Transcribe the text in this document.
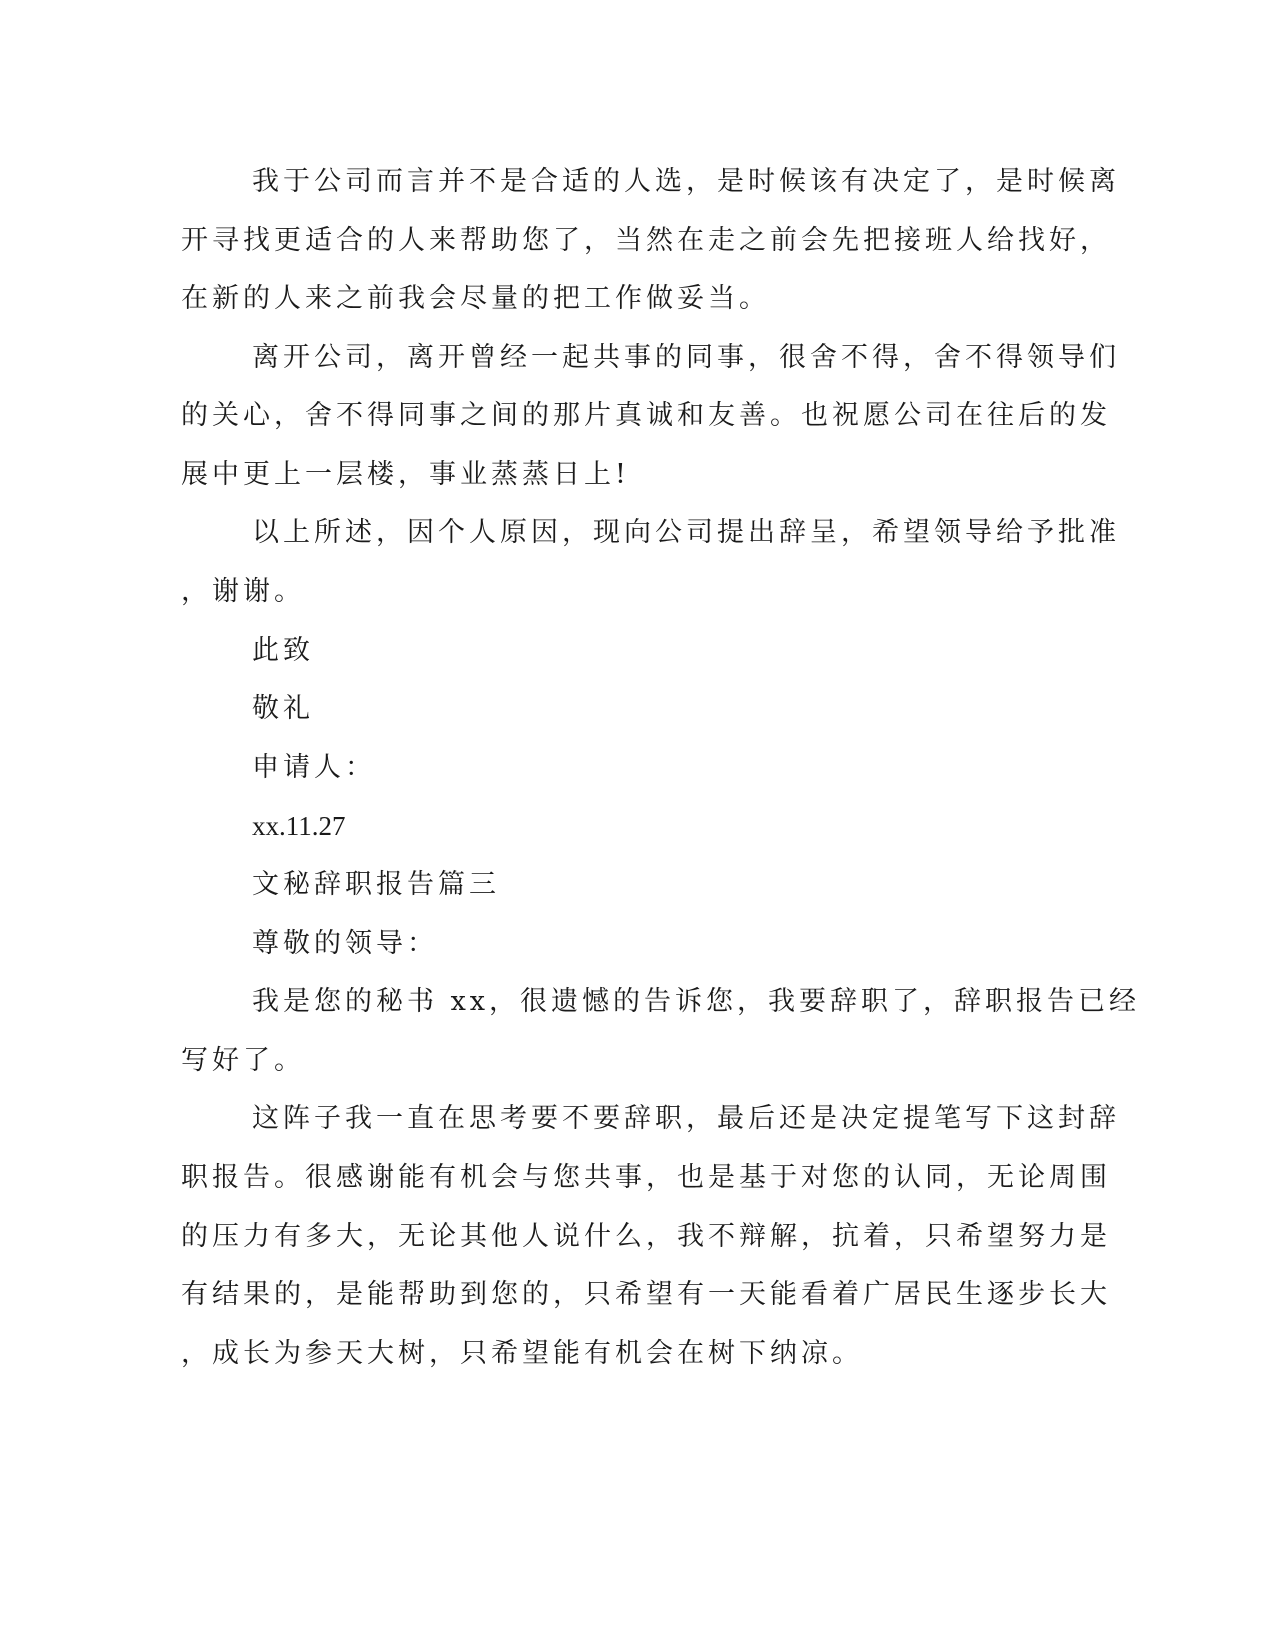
我于公司而言并不是合适的人选，是时候该有决定了，是时候离

开寻找更适合的人来帮助您了，当然在走之前会先把接班人给找好，

在新的人来之前我会尽量的把工作做妥当。

离开公司，离开曾经一起共事的同事，很舍不得，舍不得领导们

的关心，舍不得同事之间的那片真诚和友善。也祝愿公司在往后的发

展中更上一层楼，事业蒸蒸日上!

以上所述，因个人原因，现向公司提出辞呈，希望领导给予批准

，谢谢。

此致

敬礼

申请人：

xx.11.27

文秘辞职报告篇三

尊敬的领导：

我是您的秘书 xx，很遗憾的告诉您，我要辞职了，辞职报告已经

写好了。

这阵子我一直在思考要不要辞职，最后还是决定提笔写下这封辞

职报告。很感谢能有机会与您共事，也是基于对您的认同，无论周围

的压力有多大，无论其他人说什么，我不辩解，抗着，只希望努力是

有结果的，是能帮助到您的，只希望有一天能看着广居民生逐步长大

，成长为参天大树，只希望能有机会在树下纳凉。
